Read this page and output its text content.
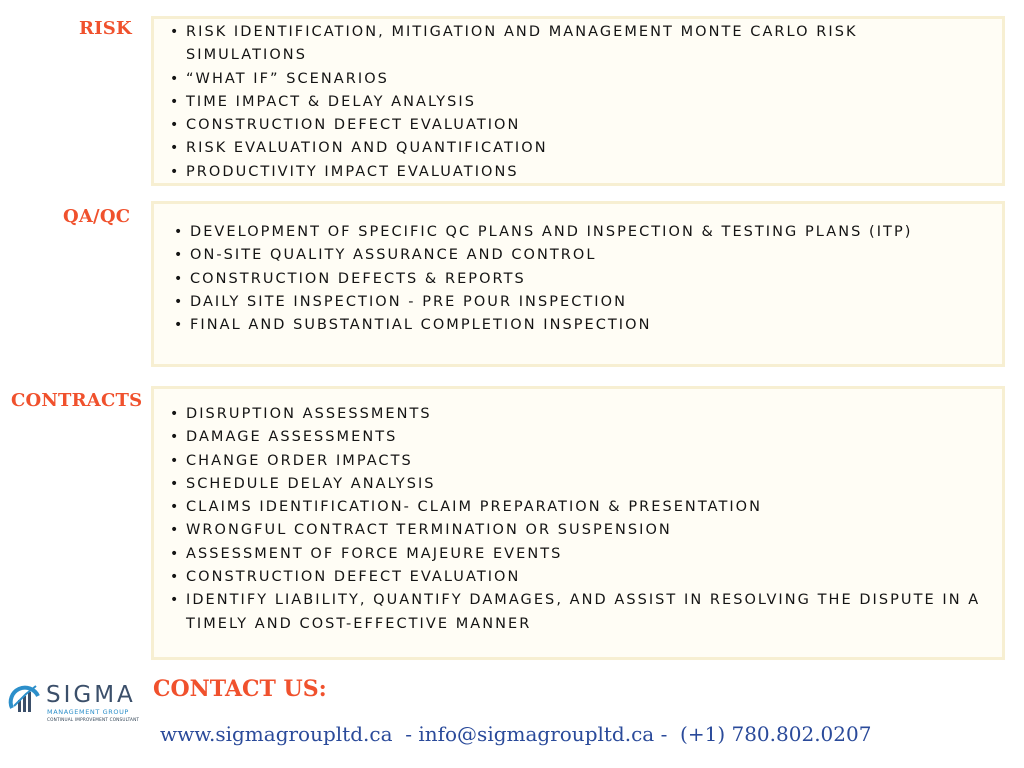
RISK	• RISK IDENTIFICATION, MITIGATION AND MANAGEMENT MONTE CARLO RISK SIMULATIONS
• “WHAT IF” SCENARIOS
• TIME IMPACT & DELAY ANALYSIS
• CONSTRUCTION DEFECT EVALUATION
• RISK EVALUATION AND QUANTIFICATION
• PRODUCTIVITY IMPACT EVALUATIONS
QA/QC
• DEVELOPMENT OF SPECIFIC QC PLANS AND INSPECTION & TESTING PLANS (ITP)
• ON-SITE QUALITY ASSURANCE AND CONTROL
• CONSTRUCTION DEFECTS & REPORTS
• DAILY SITE INSPECTION - PRE POUR INSPECTION
• FINAL AND SUBSTANTIAL COMPLETION INSPECTION
CONTRACTS
• DISRUPTION ASSESSMENTS
• DAMAGE ASSESSMENTS
• CHANGE ORDER IMPACTS
• SCHEDULE DELAY ANALYSIS
• CLAIMS IDENTIFICATION- CLAIM PREPARATION & PRESENTATION
• WRONGFUL CONTRACT TERMINATION OR SUSPENSION
• ASSESSMENT OF FORCE MAJEURE EVENTS
• CONSTRUCTION DEFECT EVALUATION
• IDENTIFY LIABILITY, QUANTIFY DAMAGES, AND ASSIST IN RESOLVING THE DISPUTE IN A TIMELY AND COST-EFFECTIVE MANNER
SIGMA
MANAGEMENT GROUP
CONTINUAL IMPROVEMENT CONSULTANT
CONTACT US:
www.sigmagroupltd.ca  - info@sigmagroupltd.ca -  (+1) 780.802.0207
